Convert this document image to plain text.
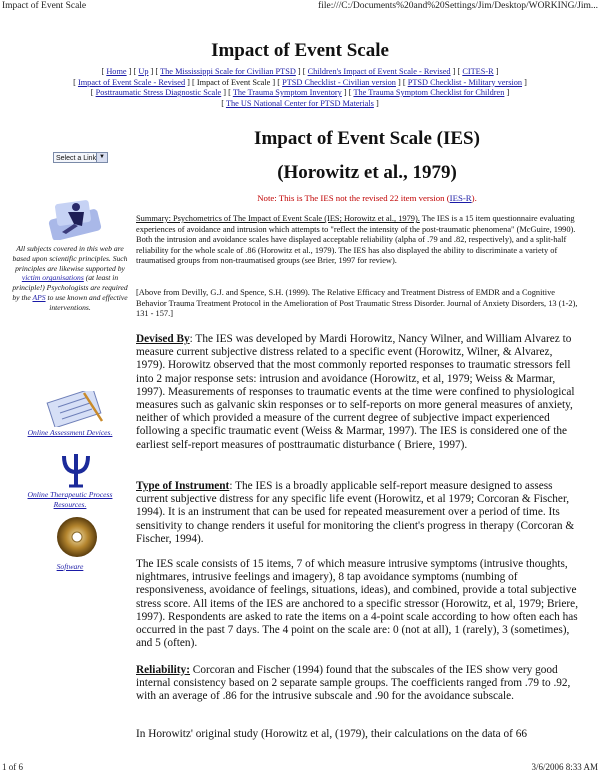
Impact of Event Scale	file:///C:/Documents%20and%20Settings/Jim/Desktop/WORKING/Jim...
Impact of Event Scale
[ Home ] [ Up ] [ The Mississippi Scale for Civilian PTSD ] [ Children's Impact of Event Scale - Revised ] [ CITES-R ]
[ Impact of Event Scale - Revised ] [ Impact of Event Scale ] [ PTSD Checklist - Civilian version ] [ PTSD Checklist - Military version ]
[ Posttraumatic Stress Diagnostic Scale ] [ The Trauma Symptom Inventory ] [ The Trauma Symptom Checklist for Children ]
[ The US National Center for PTSD Materials ]
Select a Link ▼
Impact of Event Scale (IES)
(Horowitz et al., 1979)
Note: This is The IES not the revised 22 item version (IES-R).
All subjects covered in this web are based upon scientific principles. Such principles are likewise supported by victim organisations (at least in principle!) Psychologists are required by the APS to use known and effective interventions.
Online Assessment Devices.
Online Therapeutic Process Resources.
Software
Summary: Psychometrics of The Impact of Event Scale (IES; Horowitz et al., 1979). The IES is a 15 item questionnaire evaluating experiences of avoidance and intrusion which attempts to "reflect the intensity of the post-traumatic phenomena" (McGuire, 1990). Both the intrusion and avoidance scales have displayed acceptable reliability (alpha of .79 and .82, respectively), and a split-half reliability for the whole scale of .86 (Horowitz et al., 1979). The IES has also displayed the ability to discriminate a variety of traumatised groups from non-traumatised groups (see Brier, 1997 for review).
[Above from Devilly, G.J. and Spence, S.H. (1999). The Relative Efficacy and Treatment Distress of EMDR and a Cognitive Behavior Trauma Treatment Protocol in the Amelioration of Post Traumatic Stress Disorder. Journal of Anxiety Disorders, 13 (1-2), 131 - 157.]
Devised By: The IES was developed by Mardi Horowitz, Nancy Wilner, and William Alvarez to measure current subjective distress related to a specific event (Horowitz, Wilner, & Alvarez, 1979). Horowitz observed that the most commonly reported responses to traumatic stressors fell into 2 major response sets: intrusion and avoidance (Horowitz, et al, 1979; Weiss & Marmar, 1997). Measurements of responses to traumatic events at the time were confined to physiological measures such as galvanic skin responses or to self-reports on more general measures of anxiety, neither of which provided a measure of the current degree of subjective impact experienced following a specific traumatic event (Weiss & Marmar, 1997). The IES is considered one of the earliest self-report measures of posttraumatic disturbance ( Briere, 1997).
Type of Instrument: The IES is a broadly applicable self-report measure designed to assess current subjective distress for any specific life event (Horowitz, et al 1979; Corcoran & Fischer, 1994). It is an instrument that can be used for repeated measurement over a period of time. Its sensitivity to change renders it useful for monitoring the client's progress in therapy (Corcoran & Fischer, 1994).
The IES scale consists of 15 items, 7 of which measure intrusive symptoms (intrusive thoughts, nightmares, intrusive feelings and imagery), 8 tap avoidance symptoms (numbing of responsiveness, avoidance of feelings, situations, ideas), and combined, provide a total subjective stress score. All items of the IES are anchored to a specific stressor (Horowitz, et al, 1979; Briere, 1997). Respondents are asked to rate the items on a 4-point scale according to how often each has occurred in the past 7 days. The 4 point on the scale are: 0 (not at all), 1 (rarely), 3 (sometimes), and 5 (often).
Reliability: Corcoran and Fischer (1994) found that the subscales of the IES show very good internal consistency based on 2 separate sample groups. The coefficients ranged from .79 to .92, with an average of .86 for the intrusive subscale and .90 for the avoidance subscale.
In Horowitz' original study (Horowitz et al, (1979), their calculations on the data of 66
1 of 6	3/6/2006 8:33 AM
